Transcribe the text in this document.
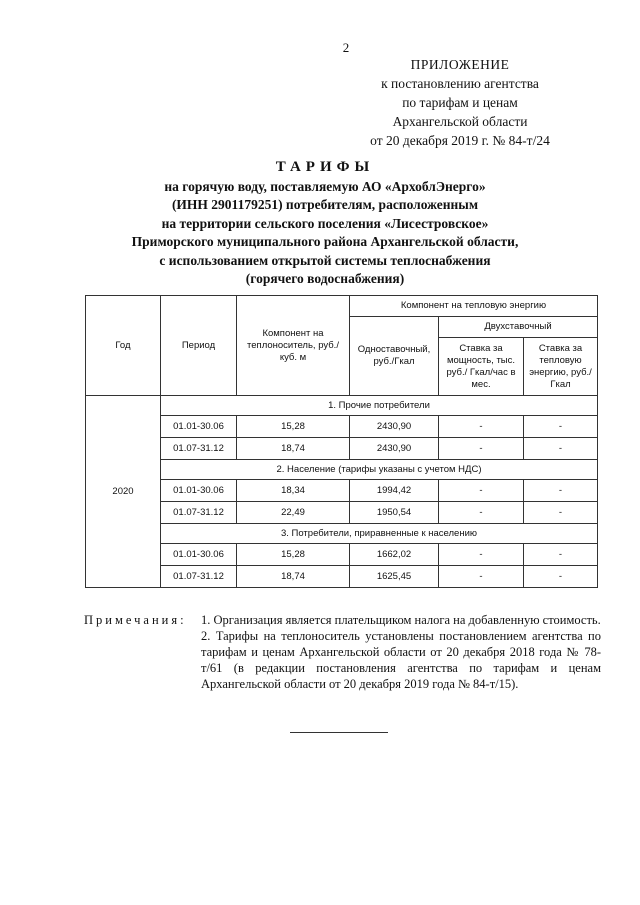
2
ПРИЛОЖЕНИЕ
к постановлению агентства
по тарифам и ценам
Архангельской области
от 20 декабря 2019 г. № 84-т/24
ТАРИФЫ
на горячую воду, поставляемую АО «АрхоблЭнерго»
(ИНН 2901179251) потребителям, расположенным
на территории сельского поселения «Лисестровское»
Приморского муниципального района Архангельской области,
с использованием открытой системы теплоснабжения
(горячего водоснабжения)
Год	Период	Компонент на теплоноситель, руб./куб. м	Компонент на тепловую энергию		
			Одноставочный, руб./Гкал	Двухставочный	
				Ставка за мощность, тыс. руб./ Гкал/час в мес.	Ставка за тепловую энергию, руб./Гкал
2020	1. Прочие потребители				
	01.01-30.06	15,28	2430,90	-	-
	01.07-31.12	18,74	2430,90	-	-
	2. Население (тарифы указаны с учетом НДС)				
	01.01-30.06	18,34	1994,42	-	-
	01.07-31.12	22,49	1950,54	-	-
	3. Потребители, приравненные к населению				
	01.01-30.06	15,28	1662,02	-	-
	01.07-31.12	18,74	1625,45	-	-
Примечания: 1. Организация является плательщиком налога на добавленную стоимость.

2. Тарифы на теплоноситель установлены постановлением агентства по тарифам и ценам Архангельской области от 20 декабря 2018 года № 78-т/61 (в редакции постановления агентства по тарифам и ценам Архангельской области от 20 декабря 2019 года № 84-т/15).
